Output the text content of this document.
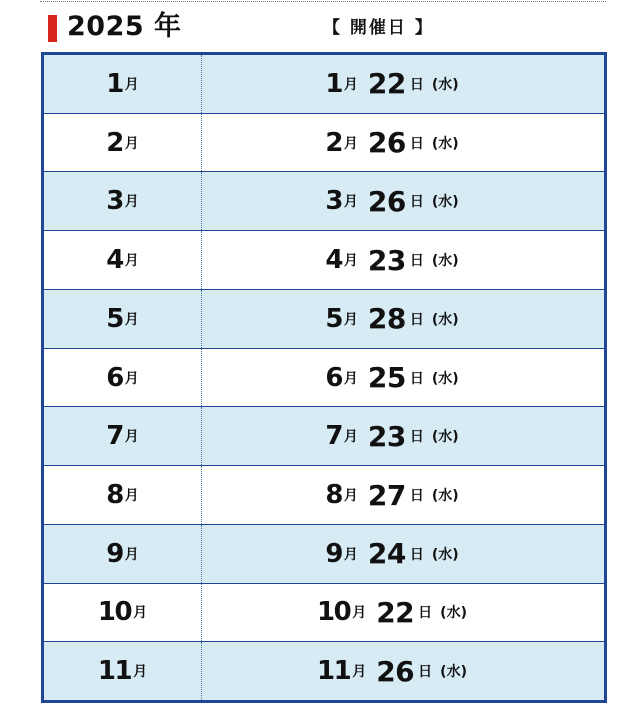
2025 年	【 開催日 】
1 月	1 月 22 日 (水)
2 月	2 月 26 日 (水)
3 月	3 月 26 日 (水)
4 月	4 月 23 日 (水)
5 月	5 月 28 日 (水)
6 月	6 月 25 日 (水)
7 月	7 月 23 日 (水)
8 月	8 月 27 日 (水)
9 月	9 月 24 日 (水)
10 月	10 月 22 日 (水)
11 月	11 月 26 日 (水)
